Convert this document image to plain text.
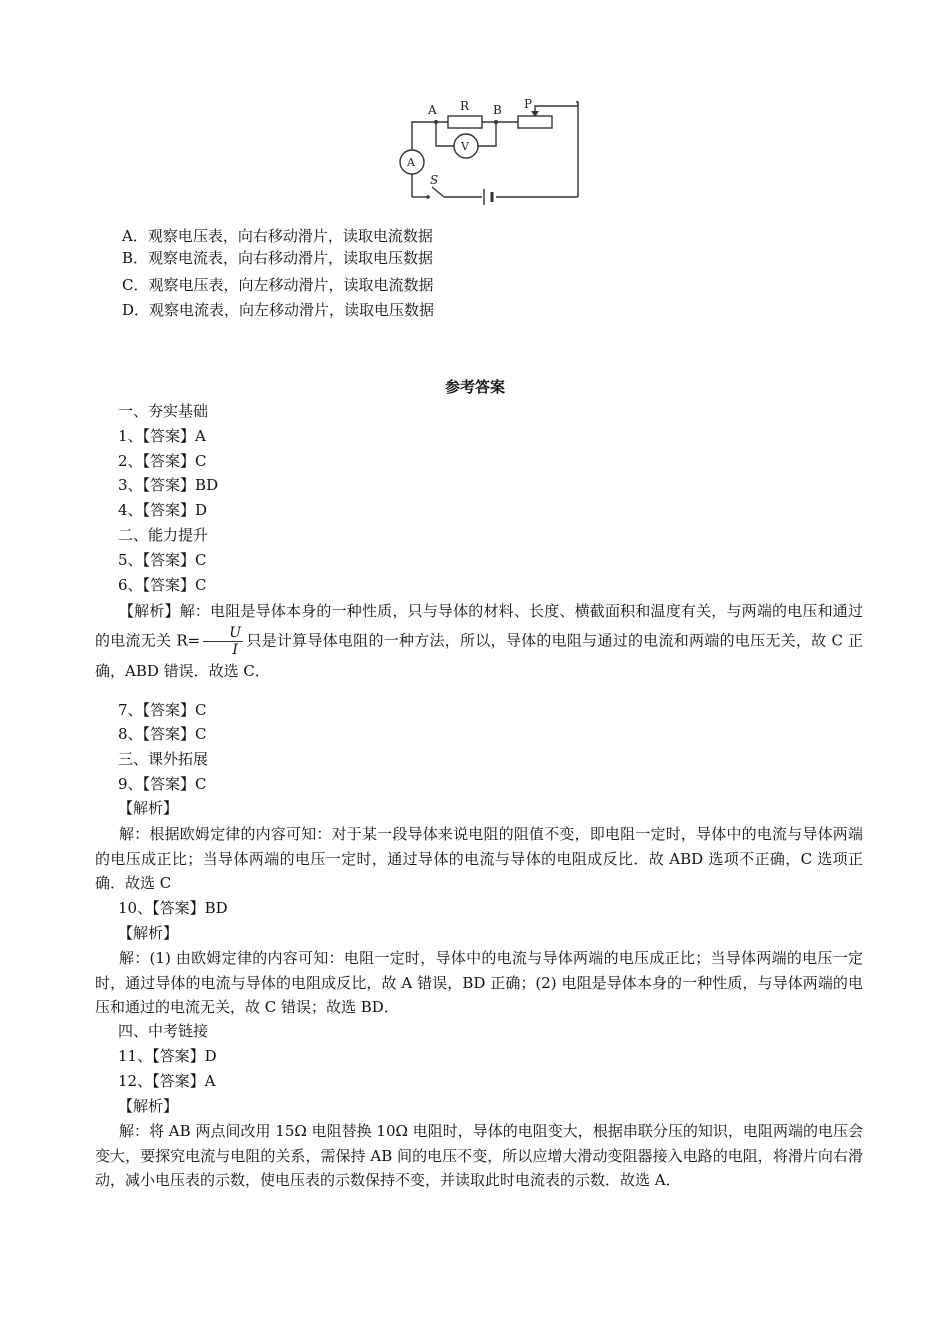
A R B P
A
V
S
A．观察电压表，向右移动滑片，读取电流数据
B．观察电流表，向右移动滑片，读取电压数据
C．观察电压表，向左移动滑片，读取电流数据
D．观察电流表，向左移动滑片，读取电压数据
参考答案
一、夯实基础
1、【答案】A
2、【答案】C
3、【答案】BD
4、【答案】D
二、能力提升
5、【答案】C
6、【答案】C
【解析】解：电阻是导体本身的一种性质，只与导体的材料、长度、横截面积和温度有关，与两端的电压和通过的电流无关 $R= \frac{U}{I}$ 只是计算导体电阻的一种方法，所以，导体的电阻与通过的电流和两端的电压无关，故 C 正确，ABD 错误．故选 C．
7、【答案】C
8、【答案】C
三、课外拓展
9、【答案】C
【解析】
解：根据欧姆定律的内容可知：对于某一段导体来说电阻的阻值不变，即电阻一定时，导体中的电流与导体两端的电压成正比；当导体两端的电压一定时，通过导体的电流与导体的电阻成反比．故 ABD 选项不正确，C 选项正确．故选 C
10、【答案】BD
【解析】
解：(1) 由欧姆定律的内容可知：电阻一定时，导体中的电流与导体两端的电压成正比；当导体两端的电压一定时，通过导体的电流与导体的电阻成反比，故 A 错误，BD 正确；(2) 电阻是导体本身的一种性质，与导体两端的电压和通过的电流无关，故 C 错误；故选 BD．
四、中考链接
11、【答案】D
12、【答案】A
【解析】
解：将 AB 两点间改用 15Ω 电阻替换 10Ω 电阻时，导体的电阻变大，根据串联分压的知识，电阻两端的电压会变大，要探究电流与电阻的关系，需保持 AB 间的电压不变，所以应增大滑动变阻器接入电路的电阻，将滑片向右滑动，减小电压表的示数，使电压表的示数保持不变，并读取此时电流表的示数．故选 A．
